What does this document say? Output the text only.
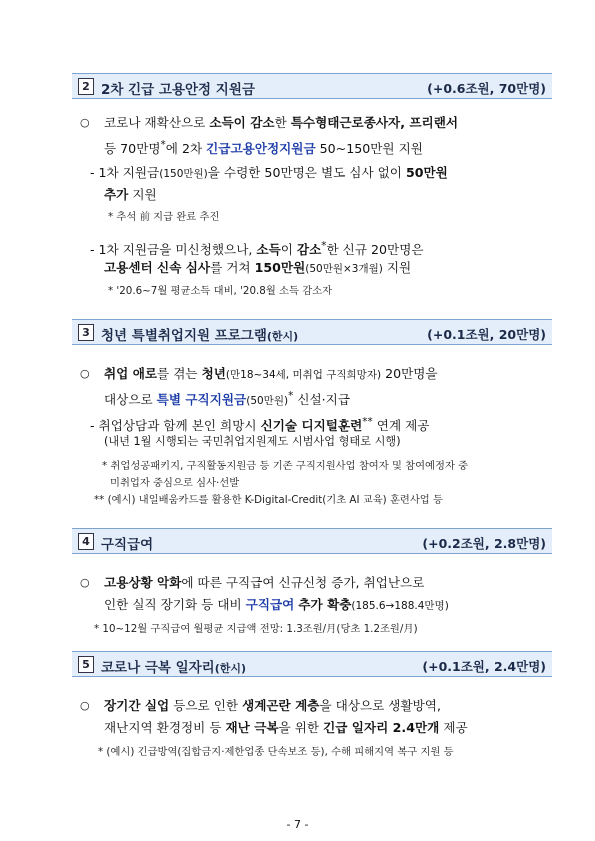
2 2차 긴급 고용안정 지원금	(+0.6조원, 70만명)
○ 코로나 재확산으로 소득이 감소한 특수형태근로종사자, 프리랜서
등 70만명*에 2차 긴급고용안정지원금 50~150만원 지원
- 1차 지원금(150만원)을 수령한 50만명은 별도 심사 없이 50만원
추가 지원
* 추석 前 지급 완료 추진
- 1차 지원금을 미신청했으나, 소득이 감소*한 신규 20만명은
고용센터 신속 심사를 거쳐 150만원(50만원×3개월) 지원
* '20.6~7월 평균소득 대비, '20.8월 소득 감소자
3 청년 특별취업지원 프로그램(한시)	(+0.1조원, 20만명)
○ 취업 애로를 겪는 청년(만18~34세, 미취업 구직희망자) 20만명을
대상으로 특별 구직지원금(50만원)* 신설·지급
- 취업상담과 함께 본인 희망시 신기술 디지털훈련** 연계 제공
(내년 1월 시행되는 국민취업지원제도 시범사업 형태로 시행)
* 취업성공패키지, 구직활동지원금 등 기존 구직지원사업 참여자 및 참여예정자 중
미취업자 중심으로 심사·선발
** (예시) 내일배움카드를 활용한 K-Digital-Credit(기초 AI 교육) 훈련사업 등
4 구직급여	(+0.2조원, 2.8만명)
○ 고용상황 악화에 따른 구직급여 신규신청 증가, 취업난으로
인한 실직 장기화 등 대비 구직급여 추가 확충(185.6→188.4만명)
* 10~12월 구직급여 월평균 지급액 전망: 1.3조원/月(당초 1.2조원/月)
5 코로나 극복 일자리(한시)	(+0.1조원, 2.4만명)
○ 장기간 실업 등으로 인한 생계곤란 계층을 대상으로 생활방역,
재난지역 환경정비 등 재난 극복을 위한 긴급 일자리 2.4만개 제공
* (예시) 긴급방역(집합금지·제한업종 단속보조 등), 수해 피해지역 복구 지원 등
- 7 -
